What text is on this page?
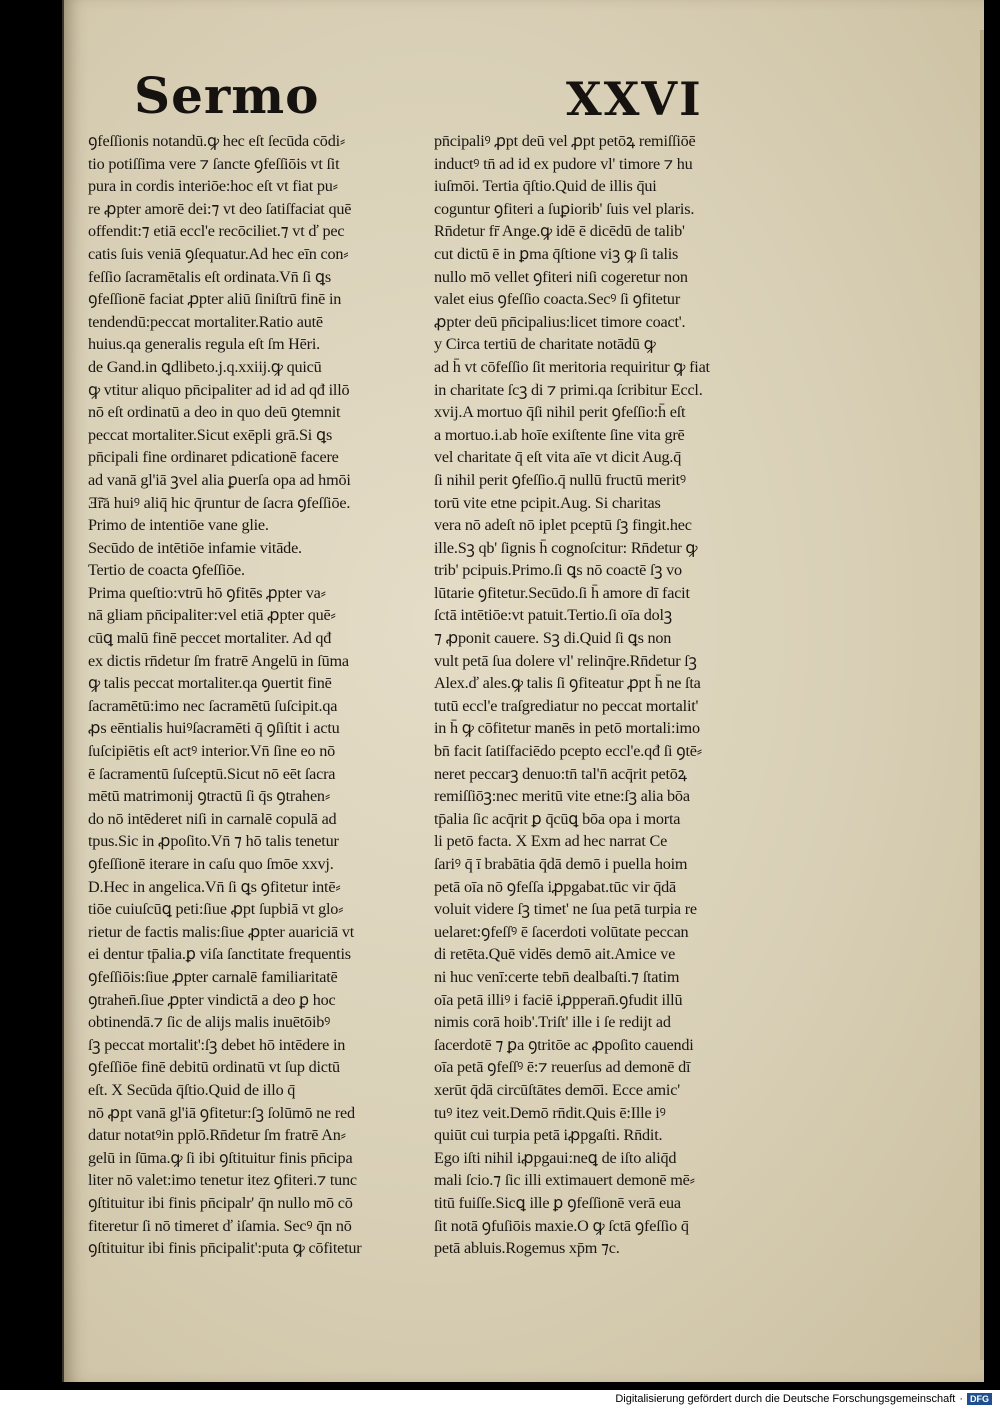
Sermo	XXVI
ꝯfeſſionis notandū.ꝙ hec eſt ſecūda cōdi⸗
tio potiſſima vere ⁊ ſancte ꝯfeſſiōis vt ſit
pura in cordis interiōe:hoc eſt vt fiat pu⸗
re ꝓpter amorē dei:⁊ vt deo ſatiſfaciat quē
offendit:⁊ etiā eccl'e recōciliet.⁊ vt ď pec
catis ſuis veniā ꝯſequatur.Ad hec eīn con⸗
feſſio ſacramētalis eſt ordinata.Vn̄ ſi ꝗs
ꝯfeſſionē faciat ꝓpter aliū ſiniſtrū finē in
tendendū:peccat mortaliter.Ratio autē
huius.qa generalis regula eſt ſm Hēri.
de Gand.in ꝗdlibeto.j.q.xxiij.ꝙ quicū
ꝙ vtitur aliquo pn̄cipaliter ad id ad qđ illō
nō eſt ordinatū a deo in quo deū ꝯtemnit
peccat mortaliter.Sicut exēpli grā.Si ꝗs
pn̄cipali fine ordinaret pdicationē facere
ad vanā gl'iā ꝫvel alia ꝑuerſa opa ad hmōi
Ǝ͠ra huiꝰ aliq̄ hic q̄runtur de ſacra ꝯfeſſiōe.
Primo de intentiōe vane glie.
Secūdo de intētiōe infamie vitāde.
Tertio de coacta ꝯfeſſiōe.
Prima queſtio:vtrū hō ꝯfitēs ꝓpter va⸗
nā gliam pn̄cipaliter:vel etiā ꝓpter quē⸗
cūꝗ malū finē peccet mortaliter. Ad qđ
ex dictis rn̄detur ſm fratrē Angelū in ſūma
ꝙ talis peccat mortaliter.qa ꝯuertit finē
ſacramētū:imo nec ſacramētū ſuſcipit.qa
ꝓs eēntialis huiꝰſacramēti q̄ ꝯſiſtit i actu
ſuſcipiētis eſt actꝰ interior.Vn̄ ſine eo nō
ē ſacramentū ſuſceptū.Sicut nō eēt ſacra
mētū matrimonij ꝯtractū ſi q̄s ꝯtrahen⸗
do nō intēderet niſi in carnalē copulā ad
tpus.Sic in ꝓpoſito.Vn̄ ⁊ hō talis tenetur
ꝯfeſſionē iterare in caſu quo ſmōe xxvj.
D.Hec in angelica.Vn̄ ſi ꝗs ꝯfitetur intē⸗
tiōe cuiuſcūꝗ peti:ſiue ꝓpt ſupbiā vt glo⸗
rietur de factis malis:ſiue ꝓpter auariciā vt
ei dentur tp̄alia.ꝑ viſa ſanctitate frequentis
ꝯfeſſiōis:ſiue ꝓpter carnalē familiaritatē
ꝯtrahen̄.ſiue ꝓpter vindictā a deo ꝑ hoc
obtinendā.⁊ ſic de alijs malis inuētōibꝰ
ſꝫ peccat mortalit':ſꝫ debet hō intēdere in
ꝯfeſſiōe finē debitū ordinatū vt ſup dictū
eſt. X Secūda q̄ſtio.Quid de illo q̄
nō ꝓpt vanā gl'iā ꝯfitetur:ſꝫ ſolūmō ne red
datur notatꝰin pplō.Rn̄detur ſm fratrē An⸗
gelū in ſūma.ꝙ ſi ibi ꝯſtituitur finis pn̄cipa
liter nō valet:imo tenetur itez ꝯfiteri.⁊ tunc
ꝯſtituitur ibi finis pn̄cipalr' q̄n nullo mō cō
fiteretur ſi nō timeret ď iſamia. Secꝰ q̄n nō
ꝯſtituitur ibi finis pn̄cipalit':puta ꝙ cōfitetur
pn̄cipaliꝰ ꝓpt deū vel ꝓpt petōꝝ remiſſiōē
inductꝰ tn̄ ad id ex pudore vl' timore ⁊ hu
iuſmōi. Tertia q̄ſtio.Quid de illis q̄ui
coguntur ꝯfiteri a ſuꝑiorib' ſuis vel plaris.
Rn̄detur fr̄ Ange.ꝙ idē ē dicēdū de talib'
cut dictū ē in ꝑma q̄ſtione viꝫ ꝙ ſi talis
nullo mō vellet ꝯfiteri niſi cogeretur non
valet eius ꝯfeſſio coacta.Secꝰ ſi ꝯfitetur
ꝓpter deū pn̄cipalius:licet timore coact'.
y Circa tertiū de charitate notādū ꝙ
ad h̄ vt cōfeſſio ſit meritoria requiritur ꝙ fiat
in charitate ſcꝫ di ⁊ primi.qa ſcribitur Eccl.
xvij.A mortuo q̄ſi nihil perit ꝯfeſſio:h̄ eſt
a mortuo.i.ab hoīe exiſtente ſine vita grē
vel charitate q̄ eſt vita aīe vt dicit Aug.q̄
ſi nihil perit ꝯfeſſio.q̄ nullū fructū meritꝰ
torū vite etne pcipit.Aug. Si charitas
vera nō adeſt nō iplet pceptū ſꝫ fingit.hec
ille.Sꝫ qb' ſignis h̄ cognoſcitur: Rn̄detur ꝙ
trib' pcipuis.Primo.ſi ꝗs nō coactē ſꝫ vo
lūtarie ꝯfitetur.Secūdo.ſi h̄ amore dī facit
ſctā intētiōe:vt patuit.Tertio.ſi oīa dolꝫ
⁊ ꝓponit cauere. Sꝫ di.Quid ſi ꝗs non
vult petā ſua dolere vl' relinq̄re.Rn̄detur ſꝫ
Alex.ď ales.ꝙ talis ſi ꝯfiteatur ꝓpt h̄ ne ſta
tutū eccl'e traſgrediatur no peccat mortalit'
in h̄ ꝙ cōfitetur manēs in petō mortali:imo
bn̄ facit ſatiſfaciēdo pcepto eccl'e.qđ ſi ꝯtē⸗
neret peccarꝫ denuo:tn̄ tal'n̄ acq̄rit petōꝝ
remiſſiōꝫ:nec meritū vite etne:ſꝫ alia bōa
tp̄alia ſic acq̄rit ꝑ q̄cūꝗ bōa opa i morta
li petō facta. X Exm ad hec narrat Ce
ſariꝰ q̄ ī brabātia q̄dā demō i puella hoim
petā oīa nō ꝯfeſſa iꝓpgabat.tūc vir q̄dā
voluit videre ſꝫ timet' ne ſua petā turpia re
uelaret:ꝯfeſſꝰ ē ſacerdoti volūtate peccan
di retēta.Quē vidēs demō ait.Amice ve
ni huc venī:certe tebn̄ dealbaſti.⁊ ſtatim
oīa petā illiꝰ i faciē iꝓpperan̄.ꝯfudit illū
nimis corā hoib'.Triſt' ille i ſe redijt ad
ſacerdotē ⁊ ꝑa ꝯtritōe ac ꝓpoſito cauendi
oīa petā ꝯfeſſꝰ ē:⁊ reuerſus ad demonē dī
xerūt q̄dā circūſtātes demō̄i. Ecce amic'
tuꝰ itez veit.Demō rn̄dit.Quis ē:Ille iꝰ
quiūt cui turpia petā iꝓpgaſti. Rn̄dit.
Ego iſti nihil iꝓpgaui:neꝗ de iſto aliq̄d
mali ſcio.⁊ ſic illi extimauert demonē mē⸗
titū fuiſſe.Sicꝗ ille ꝑ ꝯfeſſionē verā eua
ſit notā ꝯfuſiōis maxie.O ꝙ ſctā ꝯfeſſio q̄
petā abluis.Rogemus xp̄m ⁊c.
Digitalisierung gefördert durch die Deutsche Forschungsgemeinschaft · DFG
